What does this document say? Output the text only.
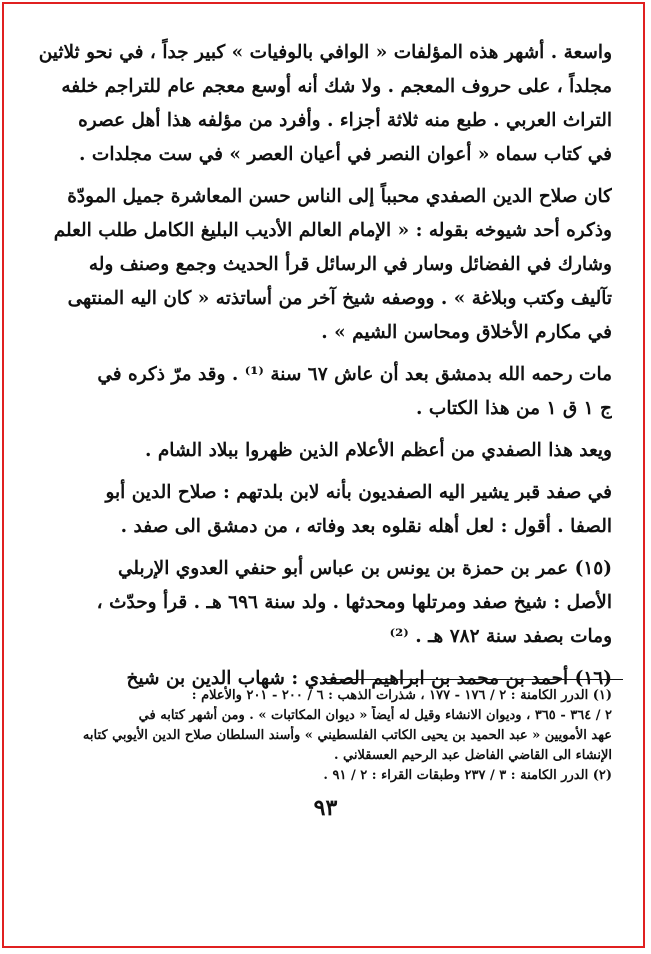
واسعة . أشهر هذه المؤلفات « الوافي بالوفيات » كبير جداً ، في نحو ثلاثين

مجلداً ، على حروف المعجم . ولا شك أنه أوسع معجم عام للتراجم خلفه

التراث العربي . طبع منه ثلاثة أجزاء . وأفرد من مؤلفه هذا أهل عصره

في كتاب سماه « أعوان النصر في أعيان العصر » في ست مجلدات .

كان صلاح الدين الصفدي محبباً إلى الناس حسن المعاشرة جميل المودّة

وذكره أحد شيوخه بقوله : « الإمام العالم الأديب البليغ الكامل طلب العلم

وشارك في الفضائل وسار في الرسائل قرأ الحديث وجمع وصنف وله

تآليف وكتب وبلاغة » . ووصفه شيخ آخر من أساتذته « كان اليه المنتهى

في مكارم الأخلاق ومحاسن الشيم » .

مات رحمه الله بدمشق بعد أن عاش ٦٧ سنة ⁽¹⁾ . وقد مرّ ذكره في

ج ١ ق ١ من هذا الكتاب .

ويعد هذا الصفدي من أعظم الأعلام الذين ظهروا ببلاد الشام .

في صفد قبر يشير اليه الصفديون بأنه لابن بلدتهم : صلاح الدين أبو

الصفا . أقول : لعل أهله نقلوه بعد وفاته ، من دمشق الى صفد .

(١٥) عمر بن حمزة بن يونس بن عباس أبو حنفي العدوي الإربلي

الأصل : شيخ صفد ومرتلها ومحدثها . ولد سنة ٦٩٦ هـ . قرأ وحدّث ،

ومات بصفد سنة ٧٨٢ هـ . ⁽²⁾

(١٦) أحمد بن محمد بن ابراهيم الصفدي : شهاب الدين بن شيخ

(١) الدرر الكامنة : ٢ / ١٧٦ - ١٧٧ ، شذرات الذهب : ٦ / ٢٠٠ - ٢٠١ والأعلام :

٢ / ٣٦٤ - ٣٦٥ ، وديوان الانشاء وقيل له أيضاً « ديوان المكاتبات » . ومن أشهر كتابه في

عهد الأمويين « عبد الحميد بن يحيى الكاتب الفلسطيني » وأسند السلطان صلاح الدين الأيوبي كتابه

الإنشاء الى القاضي الفاضل عبد الرحيم العسقلاني .

(٢) الدرر الكامنة : ٣ / ٢٣٧ وطبقات القراء : ٢ / ٩١ .

٩٣
